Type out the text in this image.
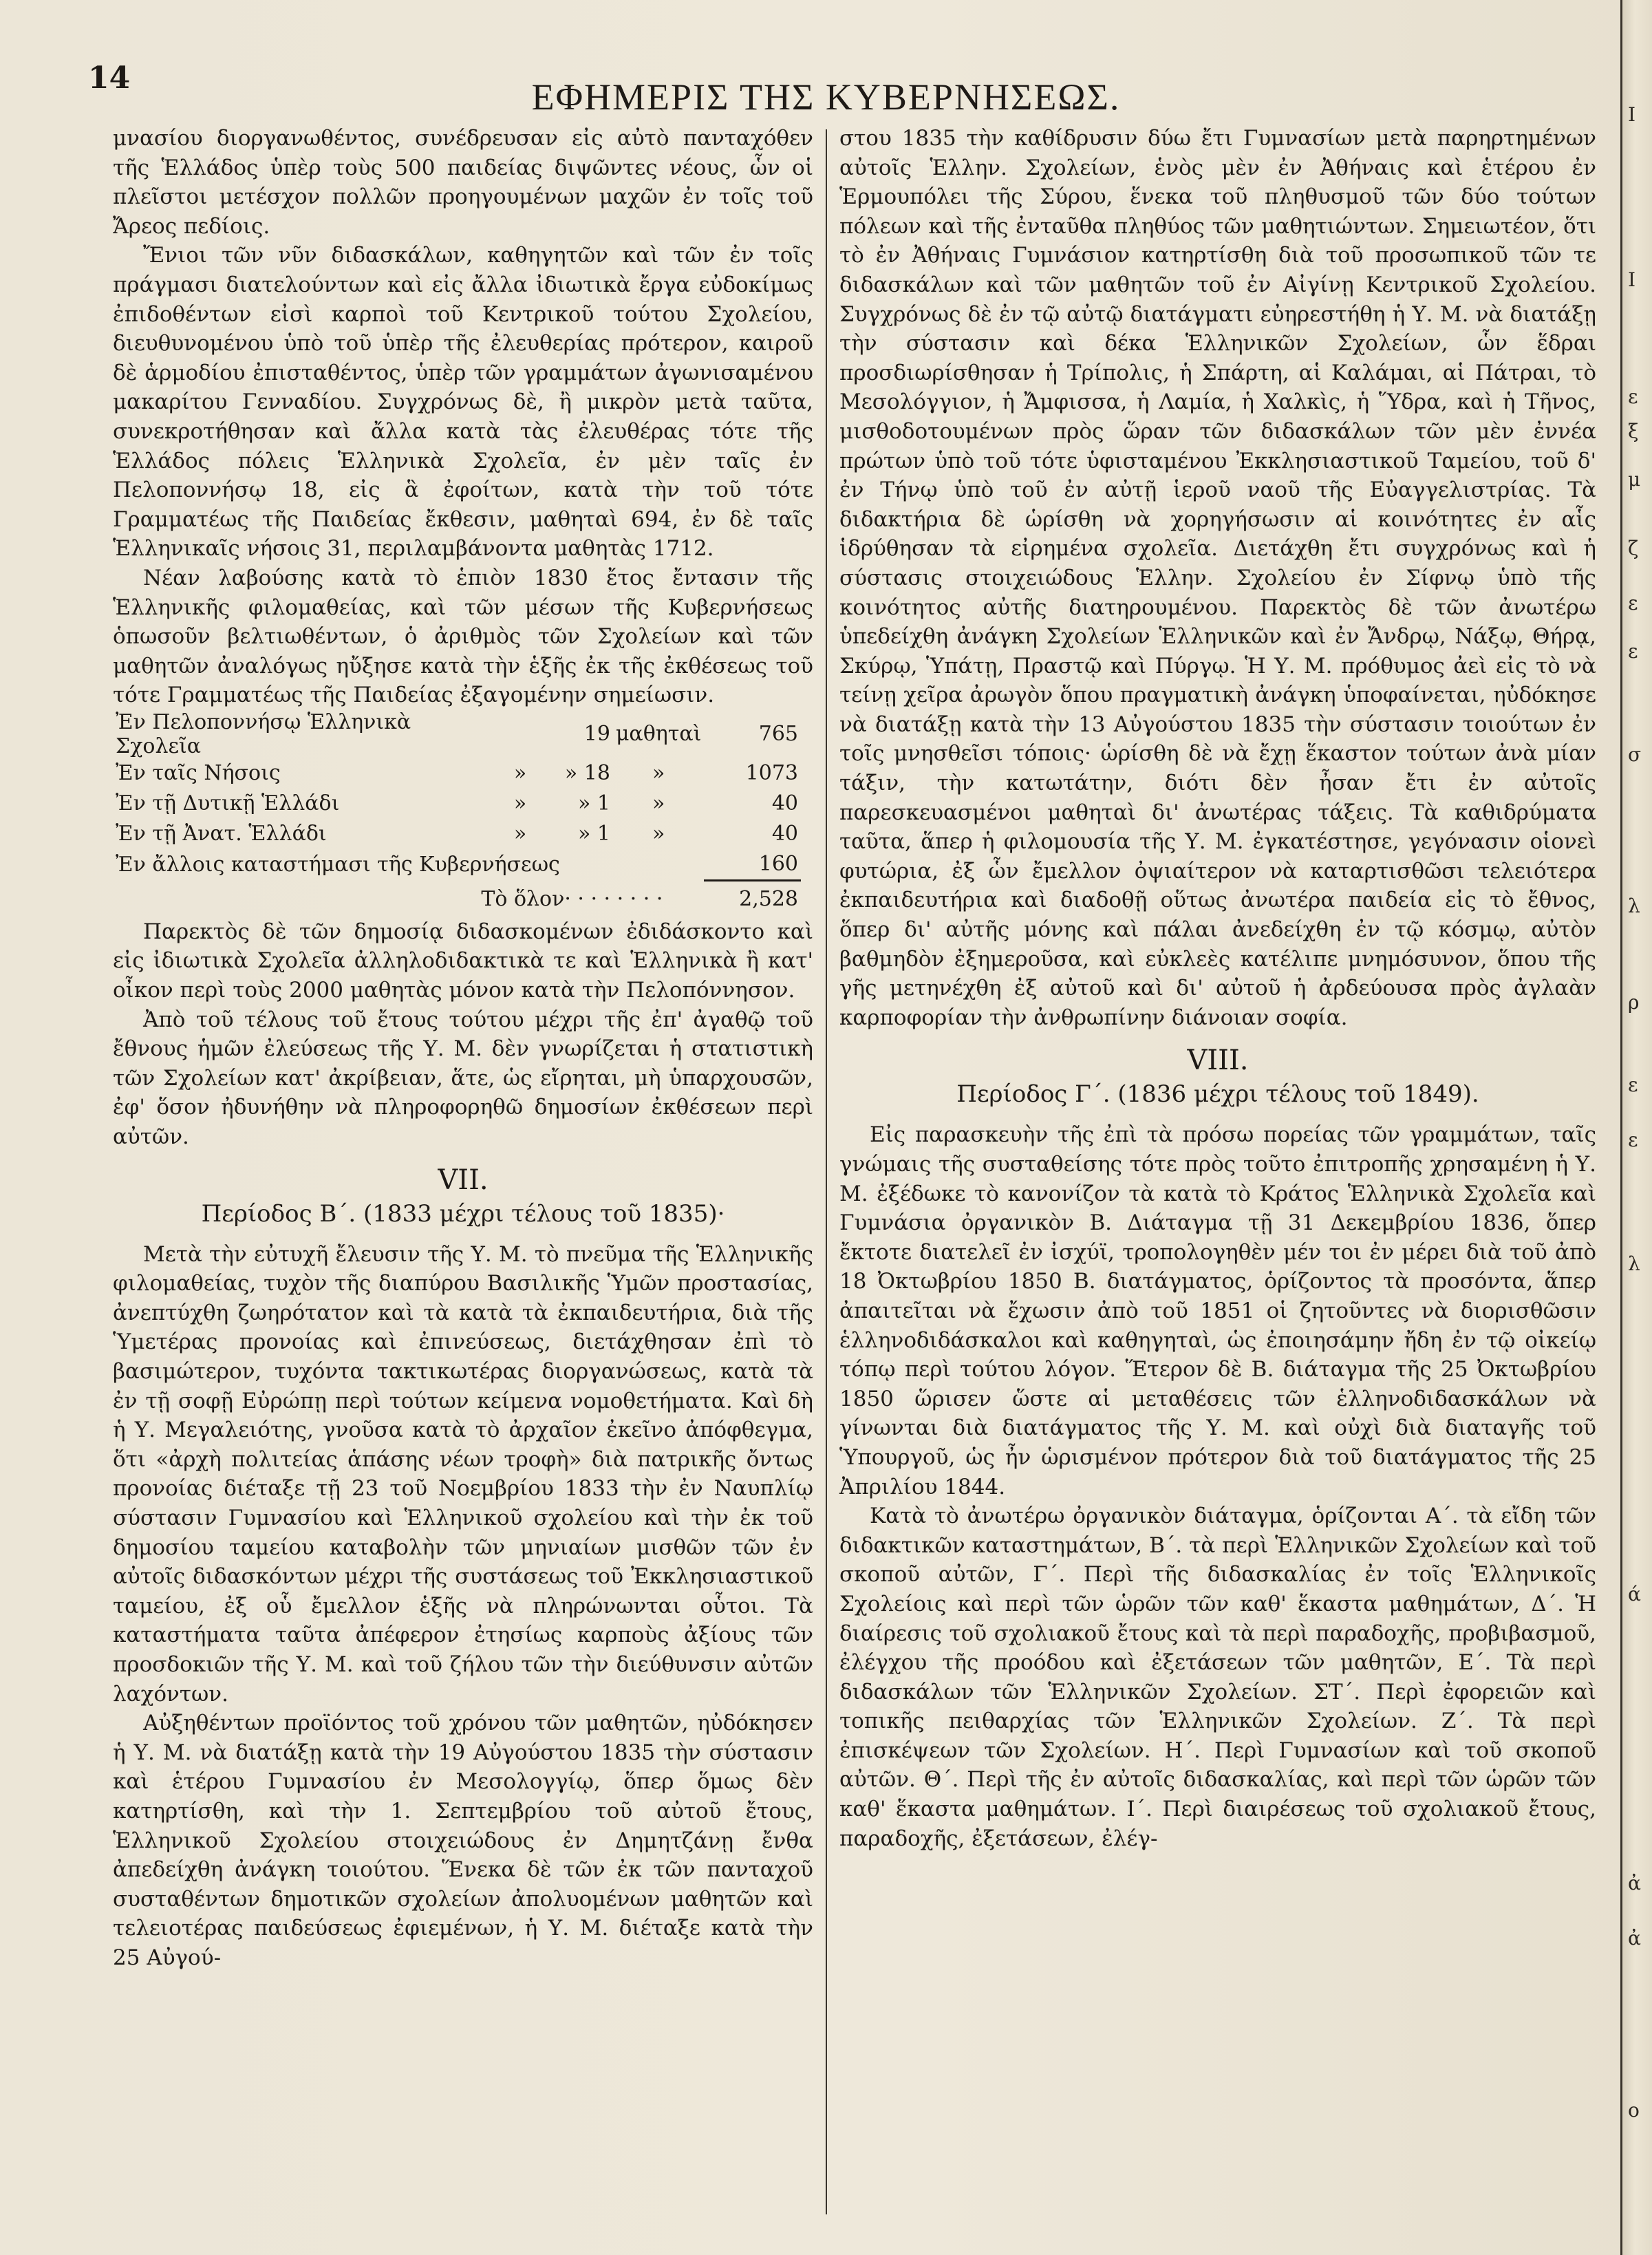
14	ΕΦΗΜΕΡΙΣ ΤΗΣ ΚΥΒΕΡΝΗΣΕΩΣ.

μνασίου διοργανωθέντος, συνέδρευσαν εἰς αὐτὸ πανταχόθεν τῆς Ἑλλάδος ὑπὲρ τοὺς 500 παιδείας διψῶντες νέους, ὧν οἱ πλεῖστοι μετέσχον πολλῶν προηγουμένων μαχῶν ἐν τοῖς τοῦ Ἄρεος πεδίοις.

Ἔνιοι τῶν νῦν διδασκάλων, καθηγητῶν καὶ τῶν ἐν τοῖς πράγμασι διατελούντων καὶ εἰς ἄλλα ἰδιωτικὰ ἔργα εὐδοκίμως ἐπιδοθέντων εἰσὶ καρποὶ τοῦ Κεντρικοῦ τούτου Σχολείου, διευθυνομένου ὑπὸ τοῦ ὑπὲρ τῆς ἐλευθερίας πρότερον, καιροῦ δὲ ἁρμοδίου ἐπισταθέντος, ὑπὲρ τῶν γραμμάτων ἀγωνισαμένου μακαρίτου Γενναδίου. Συγχρόνως δὲ, ἢ μικρὸν μετὰ ταῦτα, συνεκροτήθησαν καὶ ἄλλα κατὰ τὰς ἐλευθέρας τότε τῆς Ἑλλάδος πόλεις Ἑλληνικὰ Σχολεῖα, ἐν μὲν ταῖς ἐν Πελοποννήσῳ 18, εἰς ἃ ἐφοίτων, κατὰ τὴν τοῦ τότε Γραμματέως τῆς Παιδείας ἔκθεσιν, μαθηταὶ 694, ἐν δὲ ταῖς Ἑλληνικαῖς νήσοις 31, περιλαμβάνοντα μαθητὰς 1712.

Νέαν λαβούσης κατὰ τὸ ἑπιὸν 1830 ἔτος ἔντασιν τῆς Ἑλληνικῆς φιλομαθείας, καὶ τῶν μέσων τῆς Κυβερνήσεως ὁπωσοῦν βελτιωθέντων, ὁ ἀριθμὸς τῶν Σχολείων καὶ τῶν μαθητῶν ἀναλόγως ηὔξησε κατὰ τὴν ἑξῆς ἐκ τῆς ἐκθέσεως τοῦ τότε Γραμματέως τῆς Παιδείας ἐξαγομένην σημείωσιν.

Ἐν Πελοποννήσῳ Ἑλληνικὰ Σχολεῖα		19	μαθηταὶ	765
Ἐν ταῖς Νήσοις	»	» 18	»	1073
Ἐν τῇ Δυτικῇ Ἑλλάδι	»	» 1	»	40
Ἐν τῇ Ἀνατ. Ἑλλάδι	»	» 1	»	40
Ἐν ἄλλοις καταστήμασι τῆς Κυβερνήσεως				160
Τὸ ὅλον· · · · · · · ·				2,528

Παρεκτὸς δὲ τῶν δημοσίᾳ διδασκομένων ἐδιδάσκοντο καὶ εἰς ἰδιωτικὰ Σχολεῖα ἀλληλοδιδακτικὰ τε καὶ Ἑλληνικὰ ἢ κατ' οἶκον περὶ τοὺς 2000 μαθητὰς μόνον κατὰ τὴν Πελοπόννησον.

Ἀπὸ τοῦ τέλους τοῦ ἔτους τούτου μέχρι τῆς ἐπ' ἀγαθῷ τοῦ ἔθνους ἡμῶν ἐλεύσεως τῆς Υ. Μ. δὲν γνωρίζεται ἡ στατιστικὴ τῶν Σχολείων κατ' ἀκρίβειαν, ἅτε, ὡς εἴρηται, μὴ ὑπαρχουσῶν, ἐφ' ὅσον ἠδυνήθην νὰ πληροφορηθῶ δημοσίων ἐκθέσεων περὶ αὐτῶν.

VII.
Περίοδος Β΄. (1833 μέχρι τέλους τοῦ 1835)·

Μετὰ τὴν εὐτυχῆ ἔλευσιν τῆς Υ. Μ. τὸ πνεῦμα τῆς Ἑλληνικῆς φιλομαθείας, τυχὸν τῆς διαπύρου Βασιλικῆς Ὑμῶν προστασίας, ἀνεπτύχθη ζωηρότατον καὶ τὰ κατὰ τὰ ἐκπαιδευτήρια, διὰ τῆς Ὑμετέρας προνοίας καὶ ἐπινεύσεως, διετάχθησαν ἐπὶ τὸ βασιμώτερον, τυχόντα τακτικωτέρας διοργανώσεως, κατὰ τὰ ἐν τῇ σοφῇ Εὐρώπῃ περὶ τούτων κείμενα νομοθετήματα. Καὶ δὴ ἡ Υ. Μεγαλειότης, γνοῦσα κατὰ τὸ ἀρχαῖον ἐκεῖνο ἀπόφθεγμα, ὅτι «ἀρχὴ πολιτείας ἁπάσης νέων τροφὴ» διὰ πατρικῆς ὄντως προνοίας διέταξε τῇ 23 τοῦ Νοεμβρίου 1833 τὴν ἐν Ναυπλίῳ σύστασιν Γυμνασίου καὶ Ἑλληνικοῦ σχολείου καὶ τὴν ἐκ τοῦ δημοσίου ταμείου καταβολὴν τῶν μηνιαίων μισθῶν τῶν ἐν αὐτοῖς διδασκόντων μέχρι τῆς συστάσεως τοῦ Ἐκκλησιαστικοῦ ταμείου, ἐξ οὗ ἔμελλον ἑξῆς νὰ πληρώνωνται οὗτοι. Τὰ καταστήματα ταῦτα ἀπέφερον ἐτησίως καρποὺς ἀξίους τῶν προσδοκιῶν τῆς Υ. Μ. καὶ τοῦ ζήλου τῶν τὴν διεύθυνσιν αὐτῶν λαχόντων.

Αὐξηθέντων προϊόντος τοῦ χρόνου τῶν μαθητῶν, ηὐδόκησεν ἡ Υ. Μ. νὰ διατάξῃ κατὰ τὴν 19 Αὐγούστου 1835 τὴν σύστασιν καὶ ἑτέρου Γυμνασίου ἐν Μεσολογγίῳ, ὅπερ ὅμως δὲν κατηρτίσθη, καὶ τὴν 1. Σεπτεμβρίου τοῦ αὐτοῦ ἔτους, Ἑλληνικοῦ Σχολείου στοιχειώδους ἐν Δημητζάνῃ ἔνθα ἀπεδείχθη ἀνάγκη τοιούτου. Ἕνεκα δὲ τῶν ἐκ τῶν πανταχοῦ συσταθέντων δημοτικῶν σχολείων ἀπολυομένων μαθητῶν καὶ τελειοτέρας παιδεύσεως ἐφιεμένων, ἡ Υ. Μ. διέταξε κατὰ τὴν 25 Αὐγού-

στου 1835 τὴν καθίδρυσιν δύω ἔτι Γυμνασίων μετὰ παρηρτημένων αὐτοῖς Ἑλλην. Σχολείων, ἑνὸς μὲν ἐν Ἀθήναις καὶ ἑτέρου ἐν Ἑρμουπόλει τῆς Σύρου, ἕνεκα τοῦ πληθυσμοῦ τῶν δύο τούτων πόλεων καὶ τῆς ἐνταῦθα πληθύος τῶν μαθητιώντων. Σημειωτέον, ὅτι τὸ ἐν Ἀθήναις Γυμνάσιον κατηρτίσθη διὰ τοῦ προσωπικοῦ τῶν τε διδασκάλων καὶ τῶν μαθητῶν τοῦ ἐν Αἰγίνῃ Κεντρικοῦ Σχολείου. Συγχρόνως δὲ ἐν τῷ αὐτῷ διατάγματι εὐηρεστήθη ἡ Υ. Μ. νὰ διατάξῃ τὴν σύστασιν καὶ δέκα Ἑλληνικῶν Σχολείων, ὧν ἕδραι προσδιωρίσθησαν ἡ Τρίπολις, ἡ Σπάρτη, αἱ Καλάμαι, αἱ Πάτραι, τὸ Μεσολόγγιον, ἡ Ἄμφισσα, ἡ Λαμία, ἡ Χαλκὶς, ἡ Ὕδρα, καὶ ἡ Τῆνος, μισθοδοτουμένων πρὸς ὥραν τῶν διδασκάλων τῶν μὲν ἐννέα πρώτων ὑπὸ τοῦ τότε ὑφισταμένου Ἐκκλησιαστικοῦ Ταμείου, τοῦ δ' ἐν Τήνῳ ὑπὸ τοῦ ἐν αὐτῇ ἱεροῦ ναοῦ τῆς Εὐαγγελιστρίας. Τὰ διδακτήρια δὲ ὡρίσθη νὰ χορηγήσωσιν αἱ κοινότητες ἐν αἷς ἱδρύθησαν τὰ εἰρημένα σχολεῖα. Διετάχθη ἔτι συγχρόνως καὶ ἡ σύστασις στοιχειώδους Ἑλλην. Σχολείου ἐν Σίφνῳ ὑπὸ τῆς κοινότητος αὐτῆς διατηρουμένου. Παρεκτὸς δὲ τῶν ἀνωτέρω ὑπεδείχθη ἀνάγκη Σχολείων Ἑλληνικῶν καὶ ἐν Ἄνδρῳ, Νάξῳ, Θήρᾳ, Σκύρῳ, Ὑπάτῃ, Πραστῷ καὶ Πύργῳ. Ἡ Υ. Μ. πρόθυμος ἀεὶ εἰς τὸ νὰ τείνῃ χεῖρα ἀρωγὸν ὅπου πραγματικὴ ἀνάγκη ὑποφαίνεται, ηὐδόκησε νὰ διατάξῃ κατὰ τὴν 13 Αὐγούστου 1835 τὴν σύστασιν τοιούτων ἐν τοῖς μνησθεῖσι τόποις· ὡρίσθη δὲ νὰ ἔχῃ ἕκαστον τούτων ἀνὰ μίαν τάξιν, τὴν κατωτάτην, διότι δὲν ἦσαν ἔτι ἐν αὐτοῖς παρεσκευασμένοι μαθηταὶ δι' ἀνωτέρας τάξεις. Τὰ καθιδρύματα ταῦτα, ἅπερ ἡ φιλομουσία τῆς Υ. Μ. ἐγκατέστησε, γεγόνασιν οἱονεὶ φυτώρια, ἐξ ὧν ἔμελλον ὀψιαίτερον νὰ καταρτισθῶσι τελειότερα ἐκπαιδευτήρια καὶ διαδοθῇ οὕτως ἀνωτέρα παιδεία εἰς τὸ ἔθνος, ὅπερ δι' αὐτῆς μόνης καὶ πάλαι ἀνεδείχθη ἐν τῷ κόσμῳ, αὐτὸν βαθμηδὸν ἐξημεροῦσα, καὶ εὐκλεὲς κατέλιπε μνημόσυνον, ὅπου τῆς γῆς μετηνέχθη ἐξ αὐτοῦ καὶ δι' αὐτοῦ ἡ ἀρδεύουσα πρὸς ἀγλαὰν καρποφορίαν τὴν ἀνθρωπίνην διάνοιαν σοφία.

VIII.
Περίοδος Γ΄. (1836 μέχρι τέλους τοῦ 1849).

Εἰς παρασκευὴν τῆς ἐπὶ τὰ πρόσω πορείας τῶν γραμμάτων, ταῖς γνώμαις τῆς συσταθείσης τότε πρὸς τοῦτο ἐπιτροπῆς χρησαμένη ἡ Υ. Μ. ἐξέδωκε τὸ κανονίζον τὰ κατὰ τὸ Κράτος Ἑλληνικὰ Σχολεῖα καὶ Γυμνάσια ὀργανικὸν Β. Διάταγμα τῇ 31 Δεκεμβρίου 1836, ὅπερ ἔκτοτε διατελεῖ ἐν ἰσχύϊ, τροπολογηθὲν μέν τοι ἐν μέρει διὰ τοῦ ἀπὸ 18 Ὀκτωβρίου 1850 Β. διατάγματος, ὁρίζοντος τὰ προσόντα, ἅπερ ἀπαιτεῖται νὰ ἔχωσιν ἀπὸ τοῦ 1851 οἱ ζητοῦντες νὰ διορισθῶσιν ἑλληνοδιδάσκαλοι καὶ καθηγηταὶ, ὡς ἐποιησάμην ἤδη ἐν τῷ οἰκείῳ τόπῳ περὶ τούτου λόγον. Ἕτερον δὲ Β. διάταγμα τῆς 25 Ὀκτωβρίου 1850 ὥρισεν ὥστε αἱ μεταθέσεις τῶν ἑλληνοδιδασκάλων νὰ γίνωνται διὰ διατάγματος τῆς Υ. Μ. καὶ οὐχὶ διὰ διαταγῆς τοῦ Ὑπουργοῦ, ὡς ἦν ὡρισμένον πρότερον διὰ τοῦ διατάγματος τῆς 25 Ἀπριλίου 1844.

Κατὰ τὸ ἀνωτέρω ὀργανικὸν διάταγμα, ὁρίζονται Α΄. τὰ εἴδη τῶν διδακτικῶν καταστημάτων, Β΄. τὰ περὶ Ἑλληνικῶν Σχολείων καὶ τοῦ σκοποῦ αὐτῶν, Γ΄. Περὶ τῆς διδασκαλίας ἐν τοῖς Ἑλληνικοῖς Σχολείοις καὶ περὶ τῶν ὡρῶν τῶν καθ' ἕκαστα μαθημάτων, Δ΄. Ἡ διαίρεσις τοῦ σχολιακοῦ ἔτους καὶ τὰ περὶ παραδοχῆς, προβιβασμοῦ, ἐλέγχου τῆς προόδου καὶ ἐξετάσεων τῶν μαθητῶν, Ε΄. Τὰ περὶ διδασκάλων τῶν Ἑλληνικῶν Σχολείων. ΣΤ΄. Περὶ ἐφορειῶν καὶ τοπικῆς πειθαρχίας τῶν Ἑλληνικῶν Σχολείων. Ζ΄. Τὰ περὶ ἐπισκέψεων τῶν Σχολείων. Η΄. Περὶ Γυμνασίων καὶ τοῦ σκοποῦ αὐτῶν. Θ΄. Περὶ τῆς ἐν αὐτοῖς διδασκαλίας, καὶ περὶ τῶν ὡρῶν τῶν καθ' ἕκαστα μαθημάτων. Ι΄. Περὶ διαιρέσεως τοῦ σχολιακοῦ ἔτους, παραδοχῆς, ἐξετάσεων, ἐλέγ-

Ι
Ι
ε
ξ
μ
ζ
ε
ε
σ
λ
ρ
ε
ε
λ
ά
ἀ
ἀ
ο
